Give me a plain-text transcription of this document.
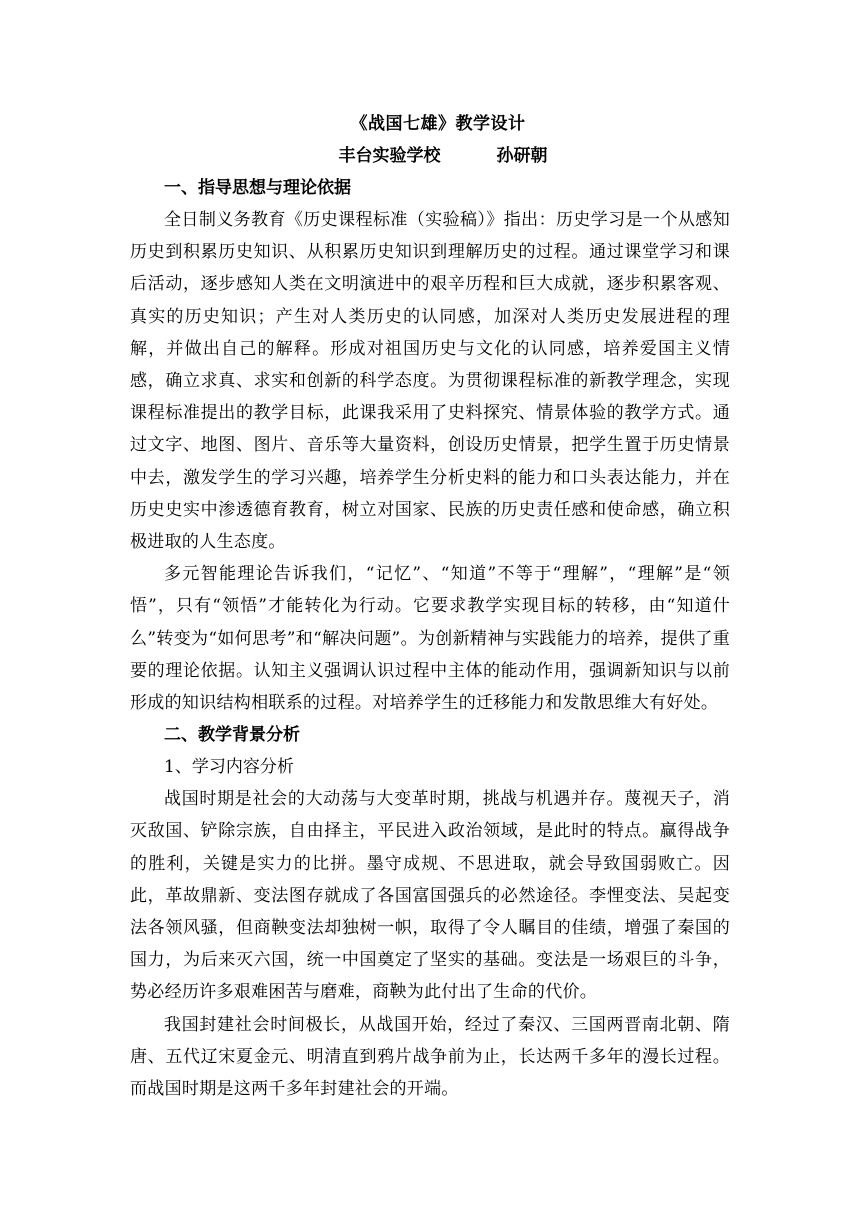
《战国七雄》教学设计

丰台实验学校	孙研朝

一、指导思想与理论依据

全日制义务教育《历史课程标准（实验稿）》指出：历史学习是一个从感知历史到积累历史知识、从积累历史知识到理解历史的过程。通过课堂学习和课后活动，逐步感知人类在文明演进中的艰辛历程和巨大成就，逐步积累客观、真实的历史知识；产生对人类历史的认同感，加深对人类历史发展进程的理解，并做出自己的解释。形成对祖国历史与文化的认同感，培养爱国主义情感，确立求真、求实和创新的科学态度。为贯彻课程标准的新教学理念，实现课程标准提出的教学目标，此课我采用了史料探究、情景体验的教学方式。通过文字、地图、图片、音乐等大量资料，创设历史情景，把学生置于历史情景中去，激发学生的学习兴趣，培养学生分析史料的能力和口头表达能力，并在历史史实中渗透德育教育，树立对国家、民族的历史责任感和使命感，确立积极进取的人生态度。

多元智能理论告诉我们，“记忆”、“知道”不等于“理解”，“理解”是“领悟”，只有“领悟”才能转化为行动。它要求教学实现目标的转移，由“知道什么”转变为“如何思考”和“解决问题”。为创新精神与实践能力的培养，提供了重要的理论依据。认知主义强调认识过程中主体的能动作用，强调新知识与以前形成的知识结构相联系的过程。对培养学生的迁移能力和发散思维大有好处。

二、教学背景分析

1、学习内容分析

战国时期是社会的大动荡与大变革时期，挑战与机遇并存。蔑视天子，消灭敌国、铲除宗族，自由择主，平民进入政治领域，是此时的特点。赢得战争的胜利，关键是实力的比拼。墨守成规、不思进取，就会导致国弱败亡。因此，革故鼎新、变法图存就成了各国富国强兵的必然途径。李悝变法、吴起变法各领风骚，但商鞅变法却独树一帜，取得了令人瞩目的佳绩，增强了秦国的国力，为后来灭六国，统一中国奠定了坚实的基础。变法是一场艰巨的斗争，势必经历许多艰难困苦与磨难，商鞅为此付出了生命的代价。

我国封建社会时间极长，从战国开始，经过了秦汉、三国两晋南北朝、隋唐、五代辽宋夏金元、明清直到鸦片战争前为止，长达两千多年的漫长过程。而战国时期是这两千多年封建社会的开端。
